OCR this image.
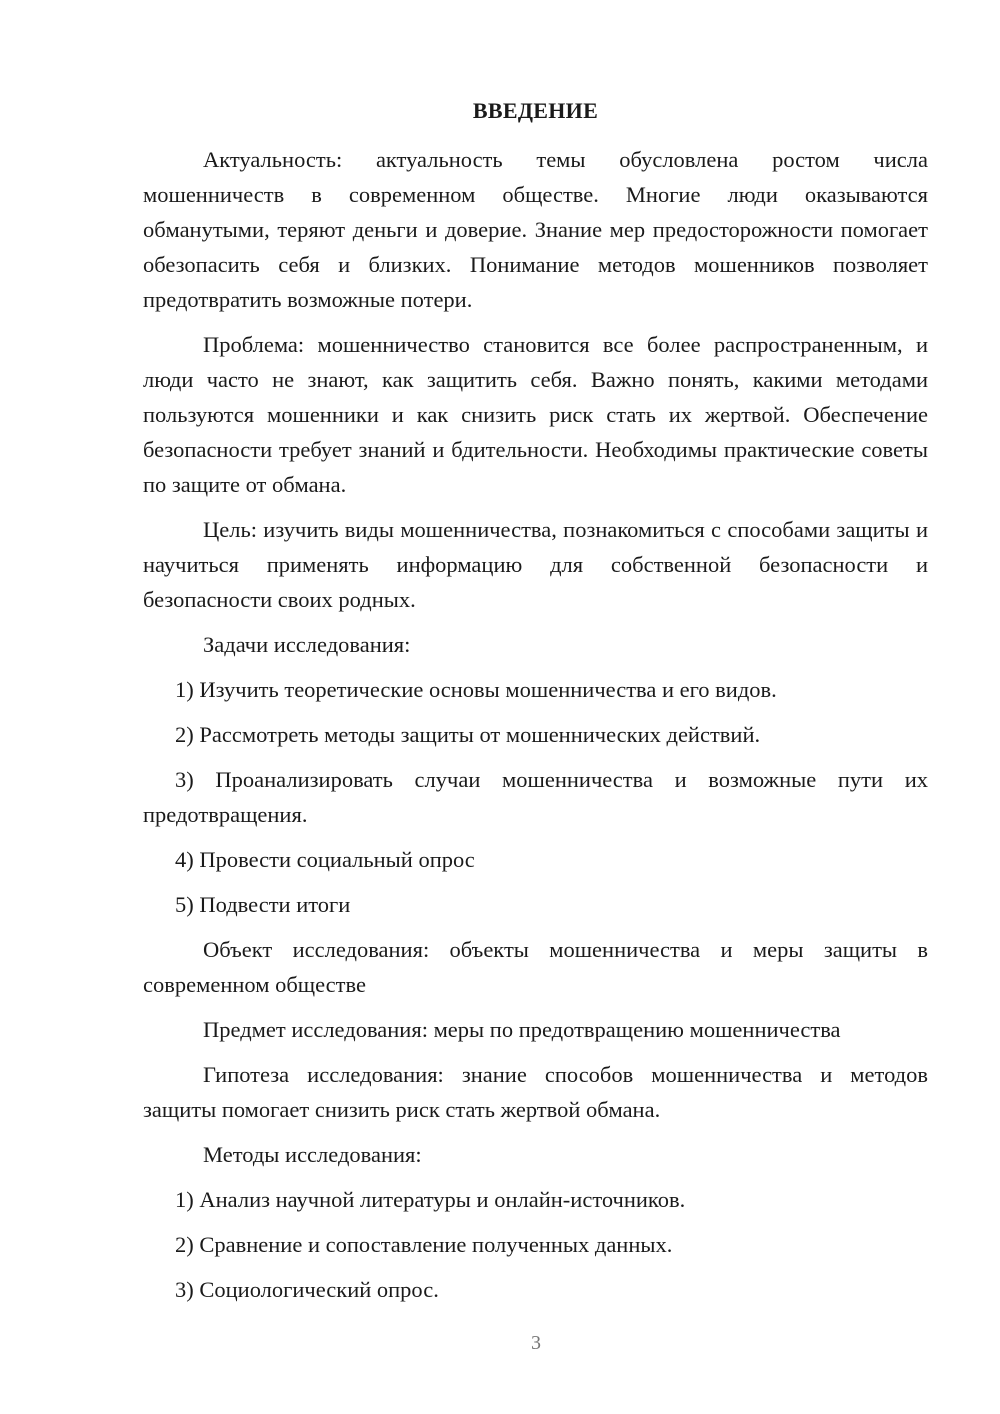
ВВЕДЕНИЕ

Актуальность: актуальность темы обусловлена ростом числа мошенничеств в современном обществе. Многие люди оказываются обманутыми, теряют деньги и доверие. Знание мер предосторожности помогает обезопасить себя и близких. Понимание методов мошенников позволяет предотвратить возможные потери.

Проблема: мошенничество становится все более распространенным, и люди часто не знают, как защитить себя. Важно понять, какими методами пользуются мошенники и как снизить риск стать их жертвой. Обеспечение безопасности требует знаний и бдительности. Необходимы практические советы по защите от обмана.

Цель: изучить виды мошенничества, познакомиться с способами защиты и научиться применять информацию для собственной безопасности и безопасности своих родных.

Задачи исследования:

1) Изучить теоретические основы мошенничества и его видов.

2) Рассмотреть методы защиты от мошеннических действий.

3) Проанализировать случаи мошенничества и возможные пути их предотвращения.

4) Провести социальный опрос

5) Подвести итоги

Объект исследования: объекты мошенничества и меры защиты в современном обществе

Предмет исследования: меры по предотвращению мошенничества

Гипотеза исследования: знание способов мошенничества и методов защиты помогает снизить риск стать жертвой обмана.

Методы исследования:

1) Анализ научной литературы и онлайн-источников.

2) Сравнение и сопоставление полученных данных.

3) Социологический опрос.

3
